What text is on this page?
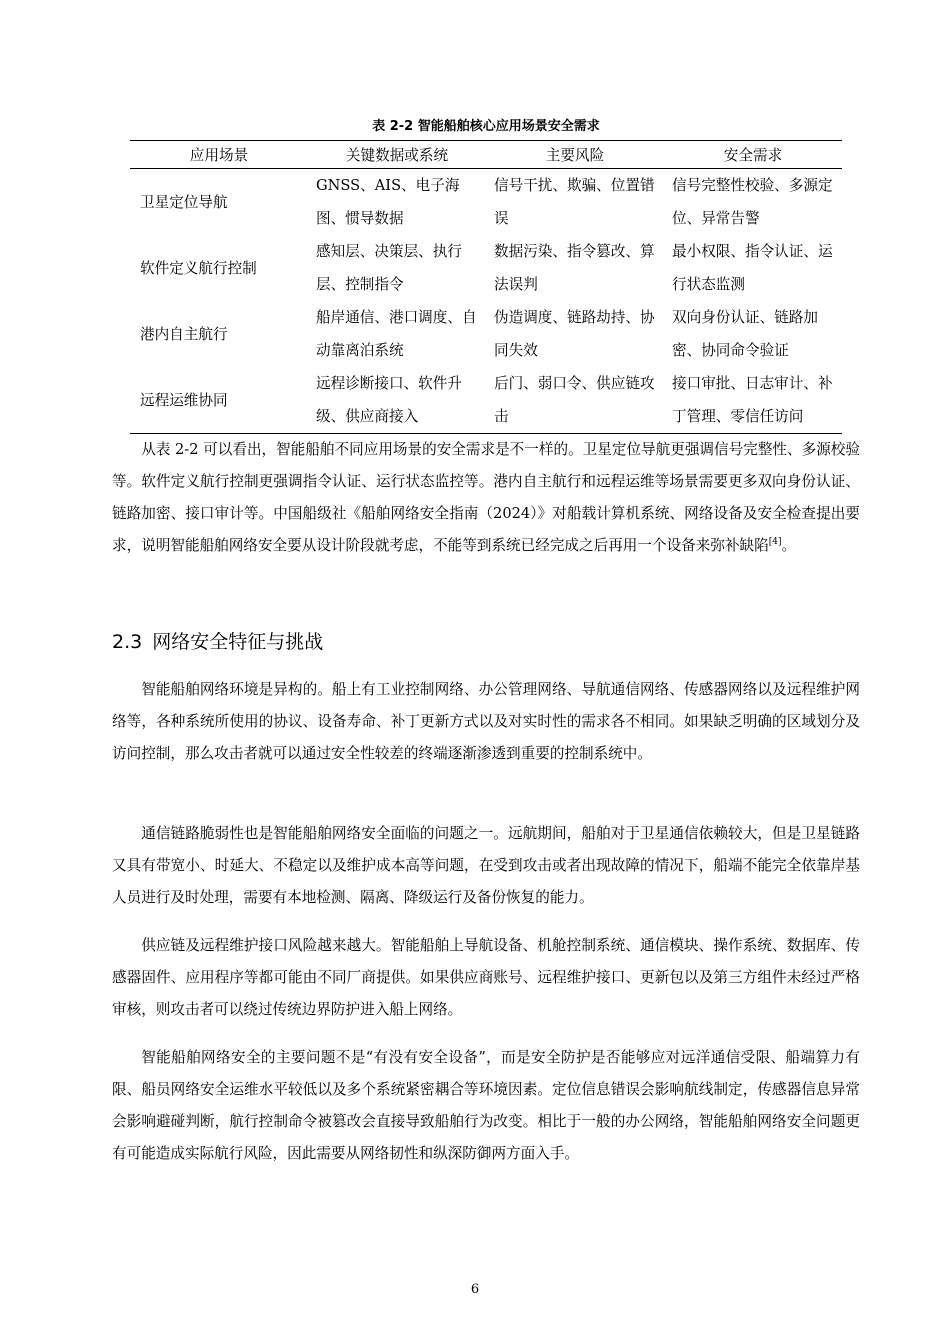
表 2-2 智能船舶核心应用场景安全需求
应用场景	关键数据或系统	主要风险	安全需求
卫星定位导航	GNSS、AIS、电子海图、惯导数据	信号干扰、欺骗、位置错误	信号完整性校验、多源定位、异常告警
软件定义航行控制	感知层、决策层、执行层、控制指令	数据污染、指令篡改、算法误判	最小权限、指令认证、运行状态监测
港内自主航行	船岸通信、港口调度、自动靠离泊系统	伪造调度、链路劫持、协同失效	双向身份认证、链路加密、协同命令验证
远程运维协同	远程诊断接口、软件升级、供应商接入	后门、弱口令、供应链攻击	接口审批、日志审计、补丁管理、零信任访问

从表 2-2 可以看出，智能船舶不同应用场景的安全需求是不一样的。卫星定位导航更强调信号完整性、多源校验等。软件定义航行控制更强调指令认证、运行状态监控等。港内自主航行和远程运维等场景需要更多双向身份认证、链路加密、接口审计等。中国船级社《船舶网络安全指南（2024）》对船载计算机系统、网络设备及安全检查提出要求，说明智能船舶网络安全要从设计阶段就考虑，不能等到系统已经完成之后再用一个设备来弥补缺陷[4]。

2.3 网络安全特征与挑战

智能船舶网络环境是异构的。船上有工业控制网络、办公管理网络、导航通信网络、传感器网络以及远程维护网络等，各种系统所使用的协议、设备寿命、补丁更新方式以及对实时性的需求各不相同。如果缺乏明确的区域划分及访问控制，那么攻击者就可以通过安全性较差的终端逐渐渗透到重要的控制系统中。

通信链路脆弱性也是智能船舶网络安全面临的问题之一。远航期间，船舶对于卫星通信依赖较大，但是卫星链路又具有带宽小、时延大、不稳定以及维护成本高等问题，在受到攻击或者出现故障的情况下，船端不能完全依靠岸基人员进行及时处理，需要有本地检测、隔离、降级运行及备份恢复的能力。

供应链及远程维护接口风险越来越大。智能船舶上导航设备、机舱控制系统、通信模块、操作系统、数据库、传感器固件、应用程序等都可能由不同厂商提供。如果供应商账号、远程维护接口、更新包以及第三方组件未经过严格审核，则攻击者可以绕过传统边界防护进入船上网络。

智能船舶网络安全的主要问题不是“有没有安全设备”，而是安全防护是否能够应对远洋通信受限、船端算力有限、船员网络安全运维水平较低以及多个系统紧密耦合等环境因素。定位信息错误会影响航线制定，传感器信息异常会影响避碰判断，航行控制命令被篡改会直接导致船舶行为改变。相比于一般的办公网络，智能船舶网络安全问题更有可能造成实际航行风险，因此需要从网络韧性和纵深防御两方面入手。

6
